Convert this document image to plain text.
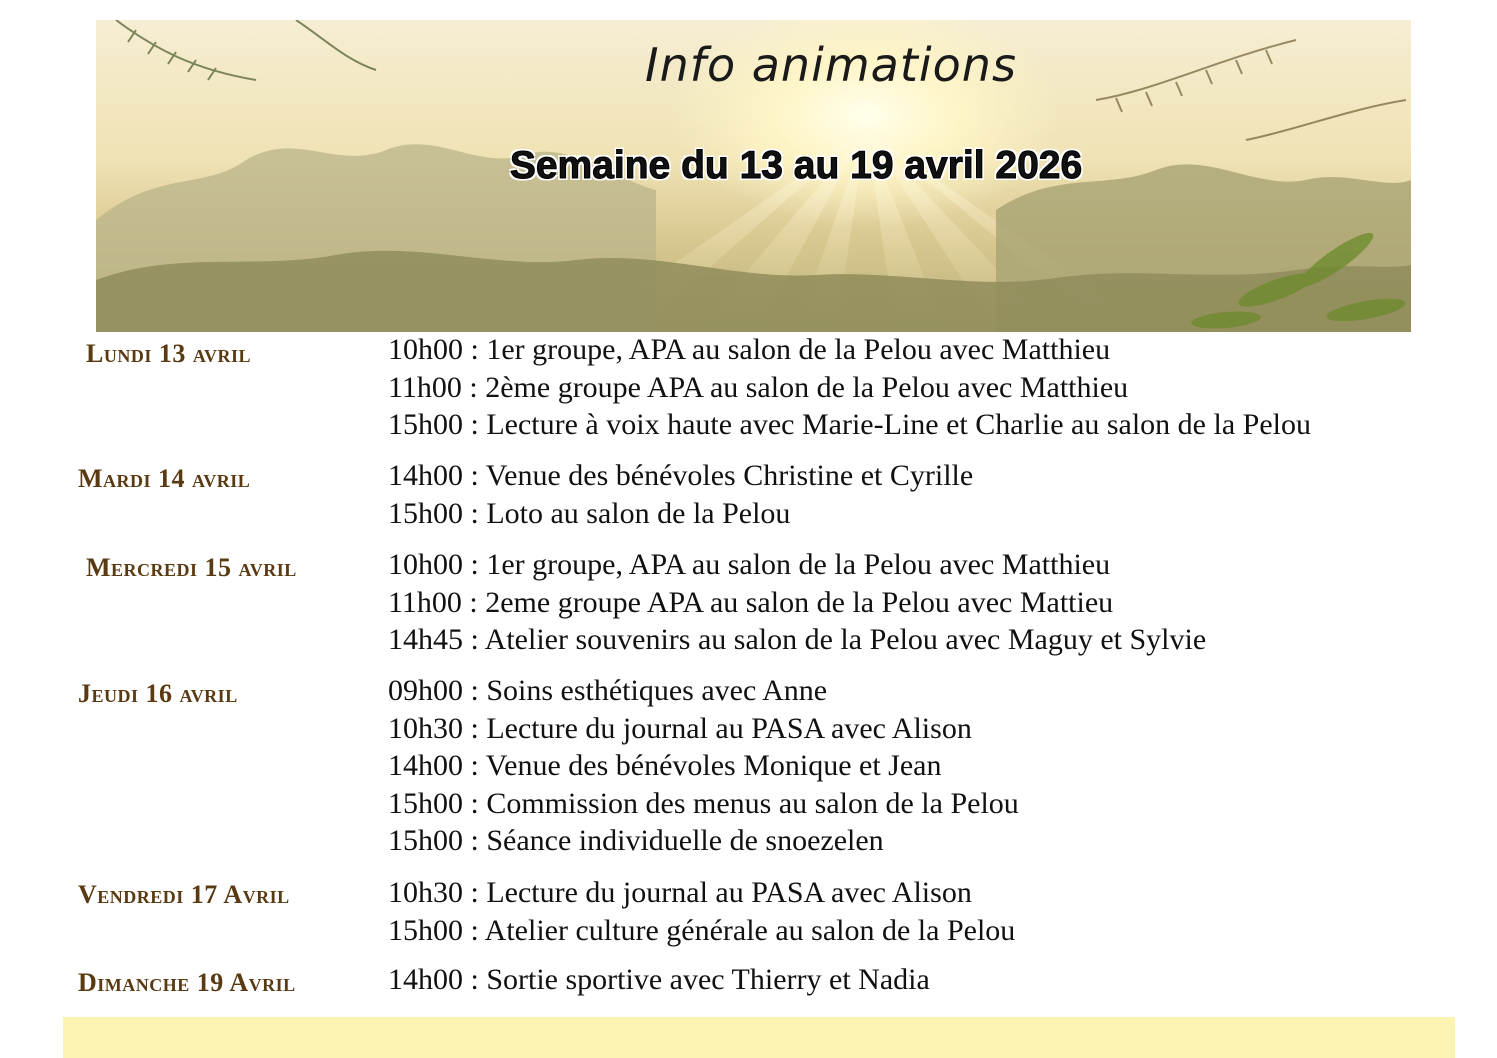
Info animations
Semaine du 13 au 19 avril 2026
Lundi 13 avril	10h00 : 1er groupe, APA au salon de la Pelou avec Matthieu
11h00 : 2ème groupe APA au salon de la Pelou avec Matthieu
15h00 : Lecture à voix haute avec Marie-Line et Charlie au salon de la Pelou
Mardi 14 avril	14h00 : Venue des bénévoles Christine et Cyrille
15h00 : Loto au salon de la Pelou
Mercredi 15 avril	10h00 : 1er groupe, APA au salon de la Pelou avec Matthieu
11h00 : 2eme groupe APA au salon de la Pelou avec Mattieu
14h45 : Atelier souvenirs au salon de la Pelou avec Maguy et Sylvie
Jeudi 16 avril	09h00 : Soins esthétiques avec Anne
10h30 : Lecture du journal au PASA avec Alison
14h00 : Venue des bénévoles Monique et Jean
15h00 : Commission des menus au salon de la Pelou
15h00 : Séance individuelle de snoezelen
Vendredi 17 Avril	10h30 : Lecture du journal au PASA avec Alison
15h00 : Atelier culture générale au salon de la Pelou
Dimanche 19 Avril	14h00 : Sortie sportive avec Thierry et Nadia
